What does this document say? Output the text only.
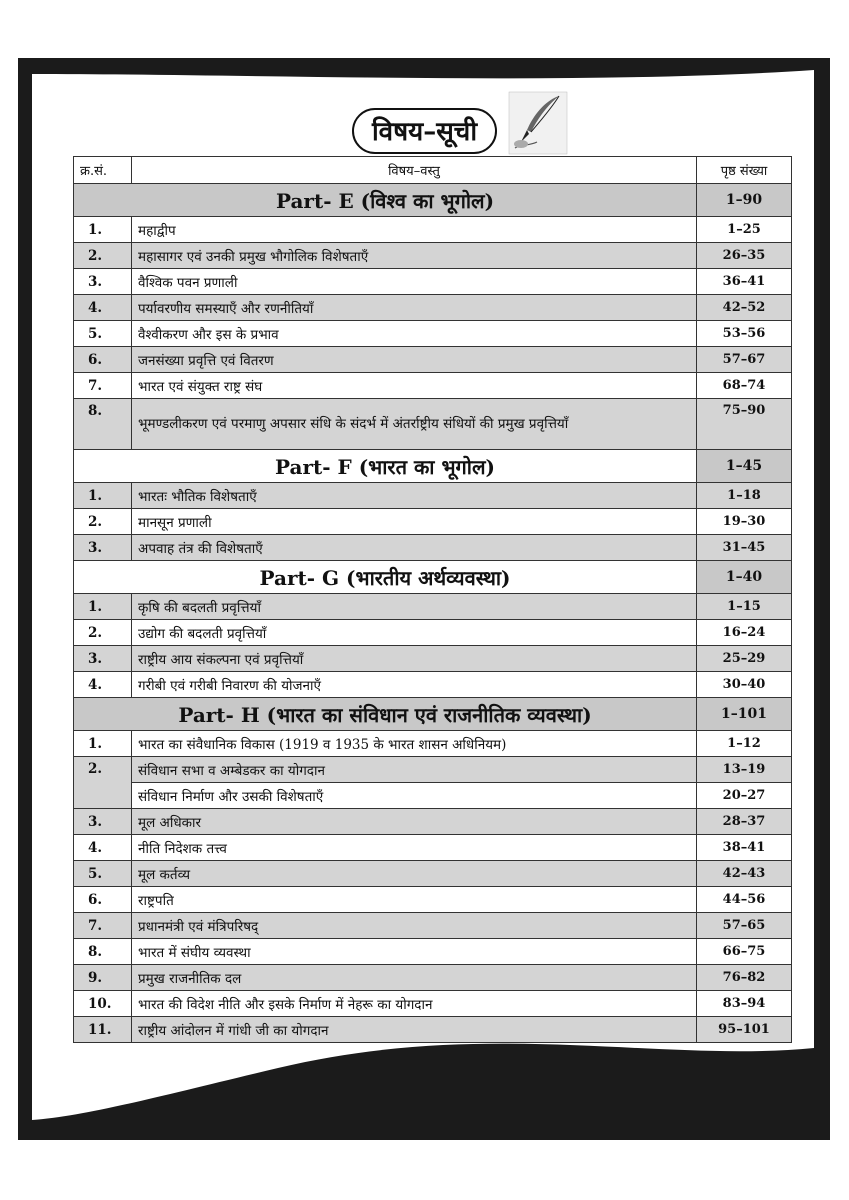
विषय–सूची
क्र.सं.	विषय–वस्तु	पृष्ठ संख्या
Part- E (विश्व का भूगोल)		1–90
1.	महाद्वीप	1–25
2.	महासागर एवं उनकी प्रमुख भौगोलिक विशेषताएँ	26–35
3.	वैश्विक पवन प्रणाली	36–41
4.	पर्यावरणीय समस्याएँ और रणनीतियाँ	42–52
5.	वैश्वीकरण और इस के प्रभाव	53–56
6.	जनसंख्या प्रवृत्ति एवं वितरण	57–67
7.	भारत एवं संयुक्त राष्ट्र संघ	68–74
8.	भूमण्डलीकरण एवं परमाणु अपसार संधि के संदर्भ में अंतर्राष्ट्रीय संधियों की प्रमुख प्रवृत्तियाँ	75–90
Part- F (भारत का भूगोल)		1–45
1.	भारतः भौतिक विशेषताएँ	1–18
2.	मानसून प्रणाली	19–30
3.	अपवाह तंत्र की विशेषताएँ	31–45
Part- G (भारतीय अर्थव्यवस्था)		1–40
1.	कृषि की बदलती प्रवृत्तियाँ	1–15
2.	उद्योग की बदलती प्रवृत्तियाँ	16–24
3.	राष्ट्रीय आय संकल्पना एवं प्रवृत्तियाँ	25–29
4.	गरीबी एवं गरीबी निवारण की योजनाएँ	30–40
Part- H (भारत का संविधान एवं राजनीतिक व्यवस्था)		1–101
1.	भारत का संवैधानिक विकास (1919 व 1935 के भारत शासन अधिनियम)	1–12
2.	संविधान सभा व अम्बेडकर का योगदान	13–19
	संविधान निर्माण और उसकी विशेषताएँ	20–27
3.	मूल अधिकार	28–37
4.	नीति निदेशक तत्त्व	38–41
5.	मूल कर्तव्य	42–43
6.	राष्ट्रपति	44–56
7.	प्रधानमंत्री एवं मंत्रिपरिषद्	57–65
8.	भारत में संघीय व्यवस्था	66–75
9.	प्रमुख राजनीतिक दल	76–82
10.	भारत की विदेश नीति और इसके निर्माण में नेहरू का योगदान	83–94
11.	राष्ट्रीय आंदोलन में गांधी जी का योगदान	95–101
